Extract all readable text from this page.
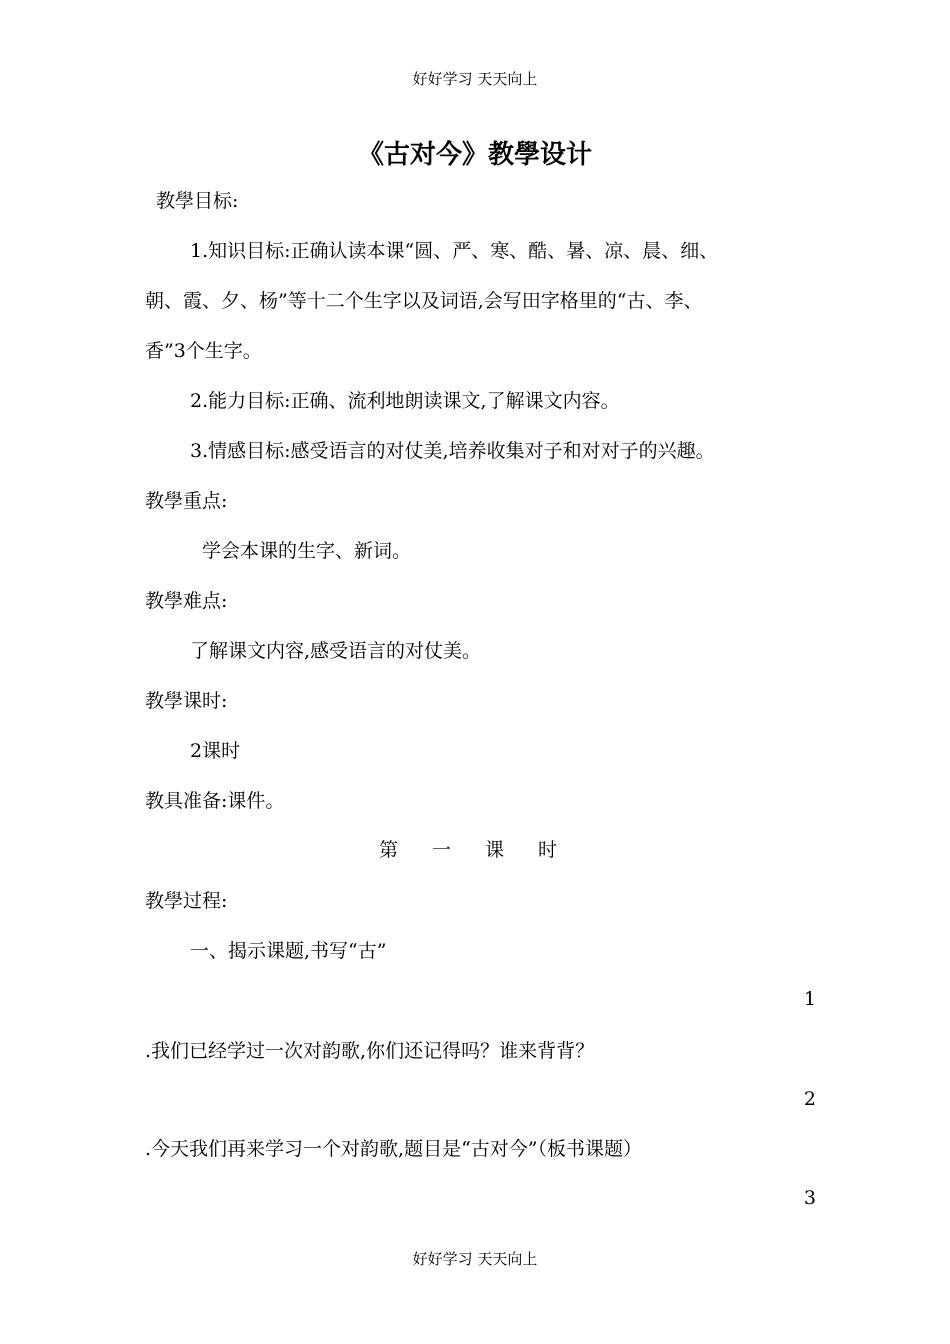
好好学习 天天向上
《古对今》教學设计
教學目标:
1.知识目标:正确认读本课“圆、严、寒、酷、暑、凉、晨、细、
朝、霞、夕、杨”等十二个生字以及词语,会写田字格里的“古、李、
香”3个生字。
2.能力目标:正确、流利地朗读课文,了解课文内容。
3.情感目标:感受语言的对仗美,培养收集对子和对对子的兴趣。
教學重点:
学会本课的生字、新词。
教學难点:
了解课文内容,感受语言的对仗美。
教學课时:
2课时
教具准备:课件。
第 一 课 时
教學过程:
一、揭示课题,书写“古”
1
.我们已经学过一次对韵歌,你们还记得吗？谁来背背？
2
.今天我们再来学习一个对韵歌,题目是“古对今”（板书课题）
3
好好学习 天天向上
